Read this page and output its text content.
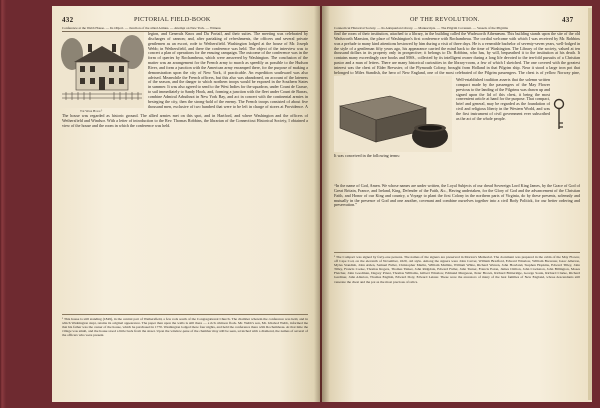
432	PICTORIAL FIELD-BOOK
Conference at the Webb House. — Its Object. — Junction of the allied Armies. — Attempt on New York. — Witness
The Webb House.¹
legion, and Generals Knox and Du Portail, and their suites. The meeting was celebrated by discharges of cannon; and, after partaking of refreshments, the officers and several private gentlemen as an escort, rode to Wethersfield. Washington lodged at the house of Mr. Joseph Webb; in Wethersfield, and there the conference was held. The object of the interview was to concert a plan of operations for the ensuing campaign. The outcome of the conference was in the form of queries by Rochambeau, which were answered by Washington. The conclusion of the matter was an arrangement for the French army to march as speedily as possible to the Hudson River, and form a junction with the American army encamped there, for the purpose of making a demonstration upon the city of New York, if practicable. An expedition southward was also advised. Meanwhile the French officers, but this also was abandoned, on account of the lateness of the season, and the danger to which northern troops would be exposed in the Southern States in summer. It was also agreed to send to the West Indies for the squadron, under Count de Grasse, to sail immediately to Sandy Hook, and, forming a junction with the fleet under Count de Barras, combine Admiral Arbuthnot in New York Bay, and act in concert with the continental armies in besieging the city, then the strong-hold of the enemy. The French troops consisted of about five thousand men, exclusive of two hundred that were to be left in charge of stores at Providence. A
The house was regarded as historic ground. The allied armies met on this spot, and in Hartford, and where Washington and the officers of Wethersfield and Windsor. With a letter of introduction to the Rev. Thomas Robbins, the librarian of the Connecticut Historical Society, I obtained a view of the house and the room in which the conference was held.
¹ This house is still standing (1849), in the central part of Wethersfield, a few rods south of the Congregational Church. The chamber wherein the conference was held, and in which Washington slept, retains its original appearance. The paper then upon the walls is still there — a rich crimson flock. Mr. Webb's son, Mr. Ichabod Webb, informed me that his father was the owner of the house, which he purchased in 1770. Washington lodged there four nights, and held the conference there with Rochambeau. At that time the village was small, and the house stood a little back from the street. Upon the window-pane of the chamber may still be seen, scratched with a diamond, the names of several of the officers who were present.
OF THE REVOLUTION.	437
Connecticut Historical Society. — Its Antiquarian Library. — Manuscripts. — The Pilgrim Covenant. — Vessels of the Pilgrims
find the room of their institution, attached to a library, in the building called the Wadsworth Athenæum. This building stands upon the site of the old Wadsworth Mansion, the place of Washington's first conference with Rochambeau. The cordial welcome with which I was received by Mr. Robbins was a prelude to many kind attentions bestowed by him during a visit of three days. He is a venerable bachelor of seventy-seven years, well-lodged in the style of a gentleman fifty years ago, his appearance carried the mind back to the time of Washington. The Library of the society, valued at ten thousand dollars in its property only in prospective; it belongs to Dr. Robbins, who has, by will, bequeathed it to the institution at his death. It contains many exceedingly rare books and MSS., collected by its intelligent owner during a long life devoted to the ten-fold pursuits of a Christian pastor and a man of letters. There are many historical curiosities in the library-room, a few of which I sketched. The one covered with the greatest interest was the chest of Elder Brewster, of the Plymouth Colony, brought from Holland in that Pilgrim ship. Near it stood a large iron pot that belonged to Miles Standish, the hero of New England, one of the most celebrated of the Pilgrim passengers. The chest is of yellow Norway pine,
Well-established tradition asserts that the solemn written compact made by the passengers of the May Flower previous to the landing of the Pilgrims was drawn up and signed upon the lid of this chest, it being the most convenient article at hand for the purpose. That compact, brief and general, may be regarded as the foundation of civil and religious liberty in the Western World, and was the first instrument of civil government ever subscribed as the act of the whole people.
It was conceived in the following terms:
“In the name of God, Amen. We whose names are under written, the Loyal Subjects of our dread Sovereign Lord King James, by the Grace of God of Great Britain, France, and Ireland, King, Defender of the Faith, &c., Having undertaken, for the Glory of God and the advancement of the Christian Faith, and Honor of our King and country, a Voyage to plant the first Colony in the northern parts of Virginia, do by these presents, solemnly and mutually in the presence of God and one another, covenant and combine ourselves together into a civil Body Politick, for our better ordering and preservation.”
¹ The Compact was signed by forty-one persons. The names of the signers are preserved in Morton's Memorial. The document was prepared in the cabin of the May Flower, off Cape Cod, on the eleventh of November, 1620, old style. Among the signers were John Carver, William Bradford, Edward Winslow, William Brewster, Isaac Allerton, Myles Standish, John Alden, Samuel Fuller, Christopher Martin, William Mullins, William White, Richard Warren, John Howland, Stephen Hopkins, Edward Tilley, John Tilley, Francis Cooke, Thomas Rogers, Thomas Tinker, John Ridgdale, Edward Fuller, John Turner, Francis Eaton, James Chilton, John Crackston, John Billington, Moses Fletcher, John Goodman, Degory Priest, Thomas Williams, Gilbert Winslow, Edmund Margeson, Peter Brown, Richard Britteridge, George Soule, Richard Clarke, Richard Gardiner, John Allerton, Thomas English, Edward Doty, Edward Leister. These were the ancestors of many of the best families of New England, whose descendants still venerate the chest and the pot as the most precious of relics.
